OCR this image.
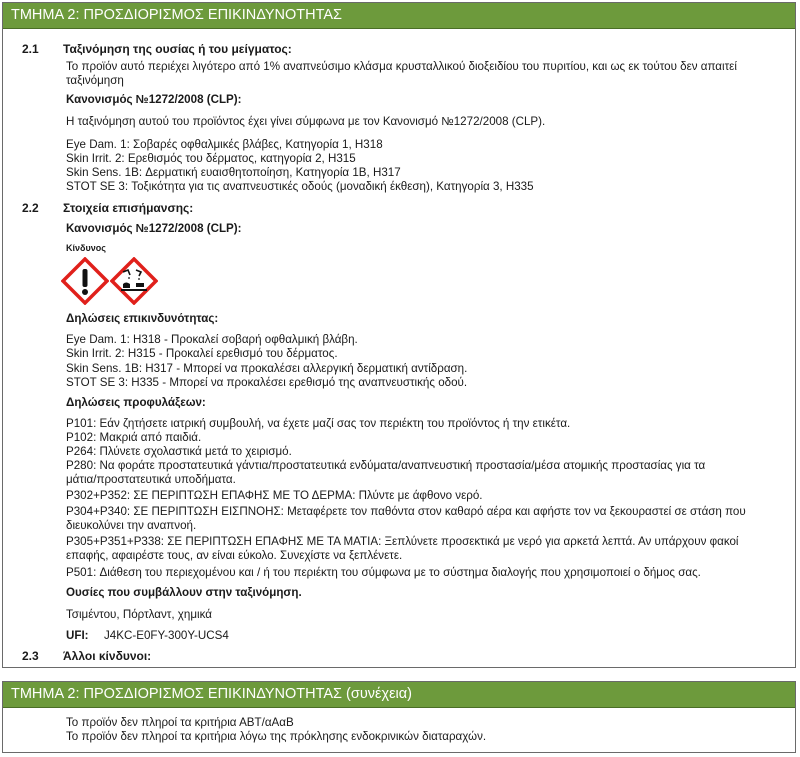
ΤΜΗΜΑ 2: ΠΡΟΣΔΙΟΡΙΣΜΟΣ ΕΠΙΚΙΝΔΥΝΟΤΗΤΑΣ
2.1 Ταξινόμηση της ουσίας ή του μείγματος:
Το προϊόν αυτό περιέχει λιγότερο από 1% αναπνεύσιμο κλάσμα κρυσταλλικού διοξειδίου του πυριτίου, και ως εκ τούτου δεν απαιτεί ταξινόμηση
Κανονισμός №1272/2008 (CLP):
Η ταξινόμηση αυτού του προϊόντος έχει γίνει σύμφωνα με τον Κανονισμό №1272/2008 (CLP).
Eye Dam. 1: Σοβαρές οφθαλμικές βλάβες, Κατηγορία 1, H318
Skin Irrit. 2: Ερεθισμός του δέρματος, κατηγορία 2, H315
Skin Sens. 1B: Δερματική ευαισθητοποίηση, Κατηγορία 1B, H317
STOT SE 3: Τοξικότητα για τις αναπνευστικές οδούς (μοναδική έκθεση), Κατηγορία 3, H335
2.2 Στοιχεία επισήμανσης:
Κανονισμός №1272/2008 (CLP):
Κίνδυνος
Δηλώσεις επικινδυνότητας:
Eye Dam. 1: H318 - Προκαλεί σοβαρή οφθαλμική βλάβη.
Skin Irrit. 2: H315 - Προκαλεί ερεθισμό του δέρματος.
Skin Sens. 1B: H317 - Μπορεί να προκαλέσει αλλεργική δερματική αντίδραση.
STOT SE 3: H335 - Μπορεί να προκαλέσει ερεθισμό της αναπνευστικής οδού.
Δηλώσεις προφυλάξεων:
P101: Εάν ζητήσετε ιατρική συμβουλή, να έχετε μαζί σας τον περιέκτη του προϊόντος ή την ετικέτα.
P102: Μακριά από παιδιά.
P264: Πλύνετε σχολαστικά μετά το χειρισμό.
P280: Να φοράτε προστατευτικά γάντια/προστατευτικά ενδύματα/αναπνευστική προστασία/μέσα ατομικής προστασίας για τα
μάτια/προστατευτικά υποδήματα.
P302+P352: ΣΕ ΠΕΡΙΠΤΩΣΗ ΕΠΑΦΗΣ ΜΕ ΤΟ ΔΕΡΜΑ: Πλύντε με άφθονο νερό.
P304+P340: ΣΕ ΠΕΡΙΠΤΩΣΗ ΕΙΣΠΝΟΗΣ: Μεταφέρετε τον παθόντα στον καθαρό αέρα και αφήστε τον να ξεκουραστεί σε στάση που
διευκολύνει την αναπνοή.
P305+P351+P338: ΣΕ ΠΕΡΙΠΤΩΣΗ ΕΠΑΦΗΣ ΜΕ ΤΑ ΜΑΤΙΑ: Ξεπλύνετε προσεκτικά με νερό για αρκετά λεπτά. Αν υπάρχουν φακοί
επαφής, αφαιρέστε τους, αν είναι εύκολο. Συνεχίστε να ξεπλένετε.
P501: Διάθεση του περιεχομένου και / ή του περιέκτη του σύμφωνα με το σύστημα διαλογής που χρησιμοποιεί ο δήμος σας.
Ουσίες που συμβάλλουν στην ταξινόμηση.
Τσιμέντου, Πόρτλαντ, χημικά
UFI: J4KC-E0FY-300Y-UCS4
2.3 Άλλοι κίνδυνοι:
ΤΜΗΜΑ 2: ΠΡΟΣΔΙΟΡΙΣΜΟΣ ΕΠΙΚΙΝΔΥΝΟΤΗΤΑΣ (συνέχεια)
Το προϊόν δεν πληροί τα κριτήρια ΑΒΤ/αΑαΒ
Το προϊόν δεν πληροί τα κριτήρια λόγω της πρόκλησης ενδοκρινικών διαταραχών.
